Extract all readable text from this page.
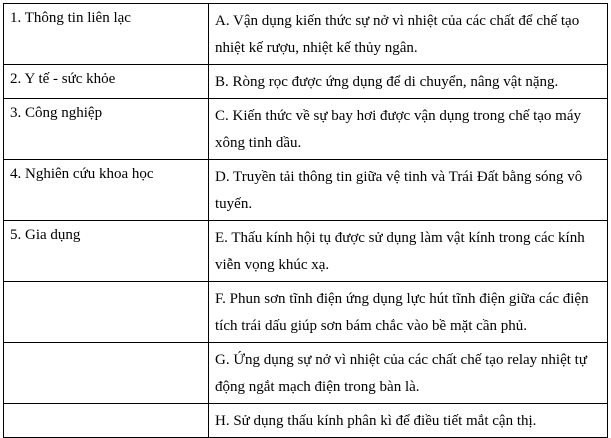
1. Thông tin liên lạc	A. Vận dụng kiến thức sự nở vì nhiệt của các chất để chế tạo nhiệt kế rượu, nhiệt kế thủy ngân.
2. Y tế - sức khỏe	B. Ròng rọc được ứng dụng để di chuyển, nâng vật nặng.
3. Công nghiệp	C. Kiến thức về sự bay hơi được vận dụng trong chế tạo máy xông tinh dầu.
4. Nghiên cứu khoa học	D. Truyền tải thông tin giữa vệ tinh và Trái Đất bằng sóng vô tuyến.
5. Gia dụng	E. Thấu kính hội tụ được sử dụng làm vật kính trong các kính viễn vọng khúc xạ.
	F. Phun sơn tĩnh điện ứng dụng lực hút tĩnh điện giữa các điện tích trái dấu giúp sơn bám chắc vào bề mặt cần phủ.
	G. Ứng dụng sự nở vì nhiệt của các chất chế tạo relay nhiệt tự động ngắt mạch điện trong bàn là.
	H. Sử dụng thấu kính phân kì để điều tiết mắt cận thị.
